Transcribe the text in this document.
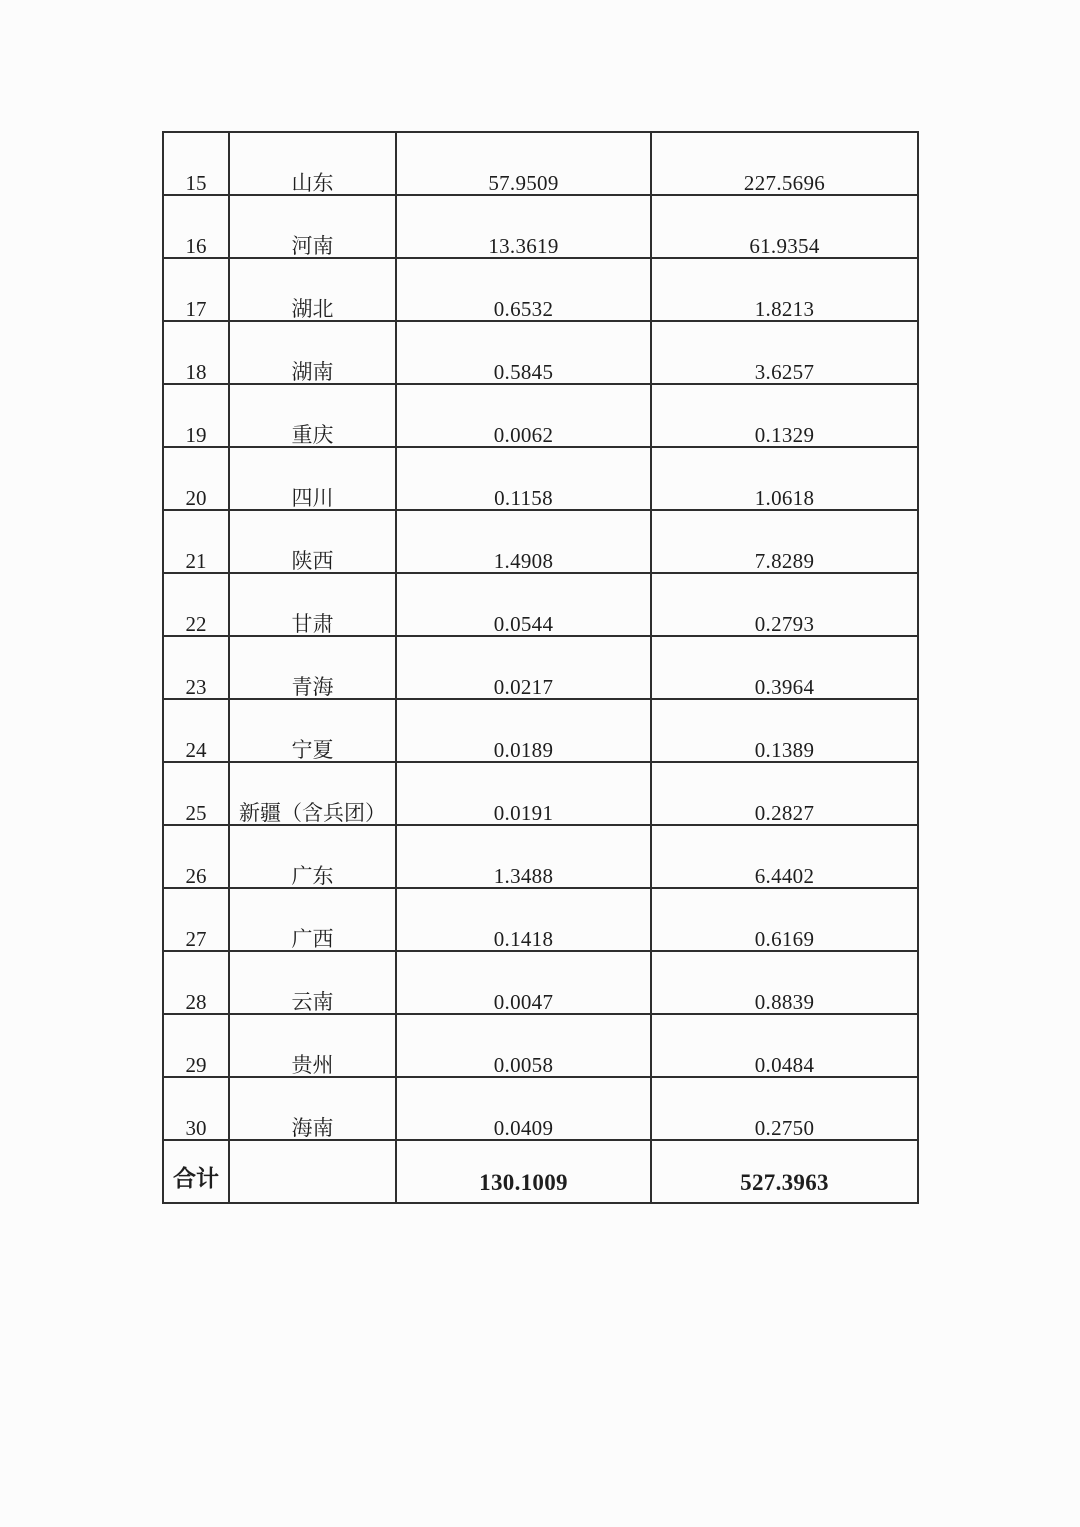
15	山东	57.9509	227.5696
16	河南	13.3619	61.9354
17	湖北	0.6532	1.8213
18	湖南	0.5845	3.6257
19	重庆	0.0062	0.1329
20	四川	0.1158	1.0618
21	陕西	1.4908	7.8289
22	甘肃	0.0544	0.2793
23	青海	0.0217	0.3964
24	宁夏	0.0189	0.1389
25	新疆（含兵团）	0.0191	0.2827
26	广东	1.3488	6.4402
27	广西	0.1418	0.6169
28	云南	0.0047	0.8839
29	贵州	0.0058	0.0484
30	海南	0.0409	0.2750
合计		130.1009	527.3963
